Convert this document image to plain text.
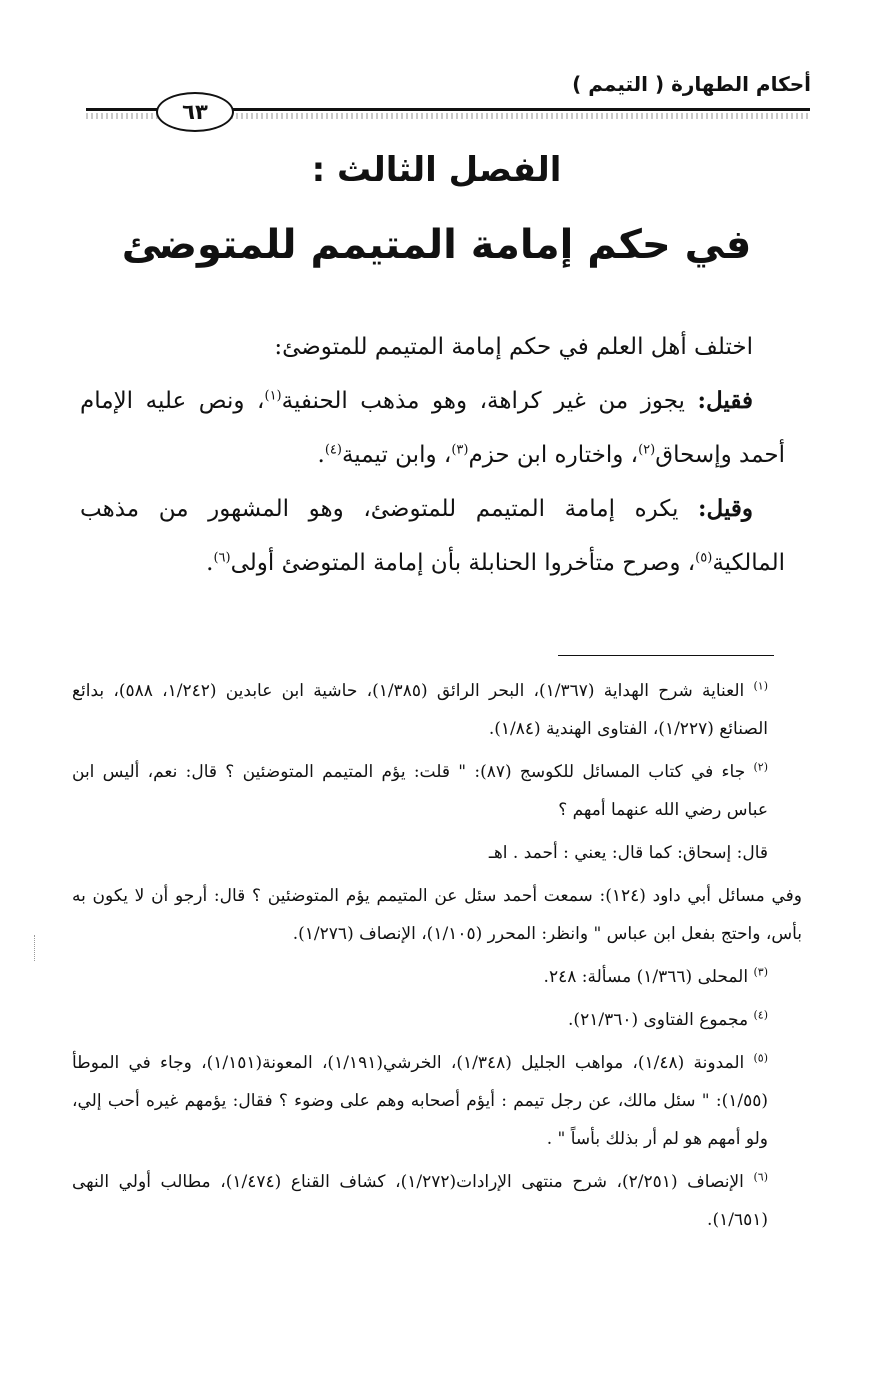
أحكام الطهارة ( التيمم )
٦٣
الفصل الثالث :
في حكم إمامة المتيمم للمتوضئ

اختلف أهل العلم في حكم إمامة المتيمم للمتوضئ:

فقيل: يجوز من غير كراهة، وهو مذهب الحنفية$^{(١)}$، ونص عليه الإمام أحمد وإسحاق$^{(٢)}$، واختاره ابن حزم$^{(٣)}$، وابن تيمية$^{(٤)}$.

وقيل: يكره إمامة المتيمم للمتوضئ، وهو المشهور من مذهب المالكية$^{(٥)}$، وصرح متأخروا الحنابلة بأن إمامة المتوضئ أولى$^{(٦)}$.

$^{(١)}$ العناية شرح الهداية (١/٣٦٧)، البحر الرائق (١/٣٨٥)، حاشية ابن عابدين (١/٢٤٢، ٥٨٨)، بدائع الصنائع (١/٢٢٧)، الفتاوى الهندية (١/٨٤).

$^{(٢)}$ جاء في كتاب المسائل للكوسج (٨٧): " قلت: يؤم المتيمم المتوضئين ؟ قال: نعم، أليس ابن عباس رضي الله عنهما أمهم ؟

قال: إسحاق: كما قال: يعني : أحمد . اهـ

وفي مسائل أبي داود (١٢٤): سمعت أحمد سئل عن المتيمم يؤم المتوضئين ؟ قال: أرجو أن لا يكون به بأس، واحتج بفعل ابن عباس " وانظر: المحرر (١/١٠٥)، الإنصاف (١/٢٧٦).

$^{(٣)}$ المحلى (١/٣٦٦) مسألة: ٢٤٨.

$^{(٤)}$ مجموع الفتاوى (٢١/٣٦٠).

$^{(٥)}$ المدونة (١/٤٨)، مواهب الجليل (١/٣٤٨)، الخرشي(١/١٩١)، المعونة(١/١٥١)، وجاء في الموطأ (١/٥٥): " سئل مالك، عن رجل تيمم : أيؤم أصحابه وهم على وضوء ؟ فقال: يؤمهم غيره أحب إلي، ولو أمهم هو لم أر بذلك بأساً " .

$^{(٦)}$ الإنصاف (٢/٢٥١)، شرح منتهى الإرادات(١/٢٧٢)، كشاف القناع (١/٤٧٤)، مطالب أولي النهى (١/٦٥١).
